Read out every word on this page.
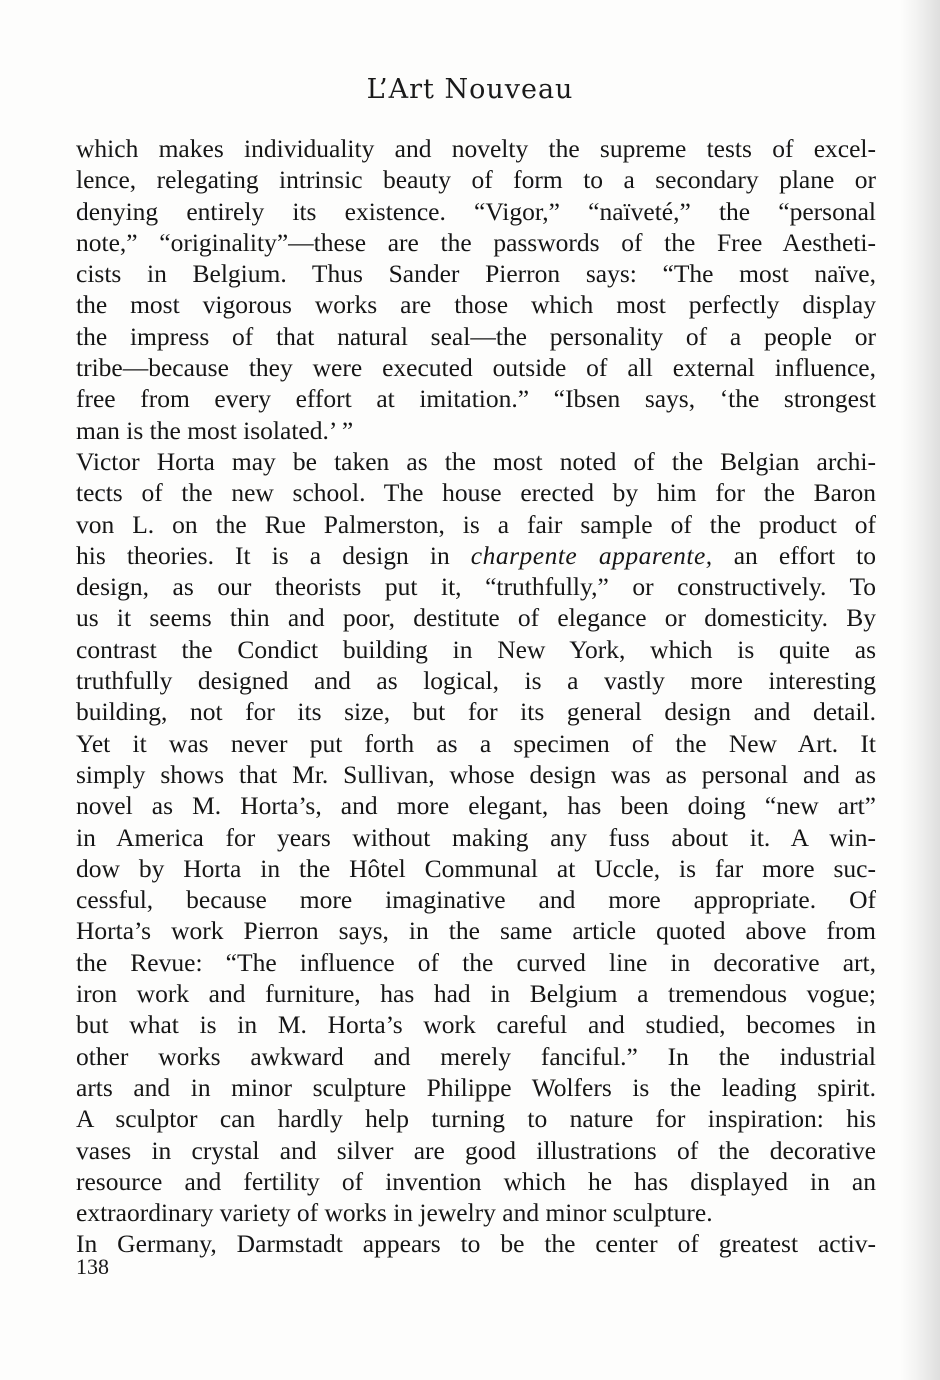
L’Art Nouveau
which makes individuality and novelty the supreme tests of excel-
lence, relegating intrinsic beauty of form to a secondary plane or
denying entirely its existence. “Vigor,” “naïveté,” the “personal
note,” “originality”—these are the passwords of the Free Aestheti-
cists in Belgium. Thus Sander Pierron says: “The most naïve,
the most vigorous works are those which most perfectly display
the impress of that natural seal—the personality of a people or
tribe—because they were executed outside of all external influence,
free from every effort at imitation.” “Ibsen says, ‘the strongest
man is the most isolated.’ ”
Victor Horta may be taken as the most noted of the Belgian archi-
tects of the new school. The house erected by him for the Baron
von L. on the Rue Palmerston, is a fair sample of the product of
his theories. It is a design in charpente apparente, an effort to
design, as our theorists put it, “truthfully,” or constructively. To
us it seems thin and poor, destitute of elegance or domesticity. By
contrast the Condict building in New York, which is quite as
truthfully designed and as logical, is a vastly more interesting
building, not for its size, but for its general design and detail.
Yet it was never put forth as a specimen of the New Art. It
simply shows that Mr. Sullivan, whose design was as personal and as
novel as M. Horta’s, and more elegant, has been doing “new art”
in America for years without making any fuss about it. A win-
dow by Horta in the Hôtel Communal at Uccle, is far more suc-
cessful, because more imaginative and more appropriate. Of
Horta’s work Pierron says, in the same article quoted above from
the Revue: “The influence of the curved line in decorative art,
iron work and furniture, has had in Belgium a tremendous vogue;
but what is in M. Horta’s work careful and studied, becomes in
other works awkward and merely fanciful.” In the industrial
arts and in minor sculpture Philippe Wolfers is the leading spirit.
A sculptor can hardly help turning to nature for inspiration: his
vases in crystal and silver are good illustrations of the decorative
resource and fertility of invention which he has displayed in an
extraordinary variety of works in jewelry and minor sculpture.
In Germany, Darmstadt appears to be the center of greatest activ-
138
